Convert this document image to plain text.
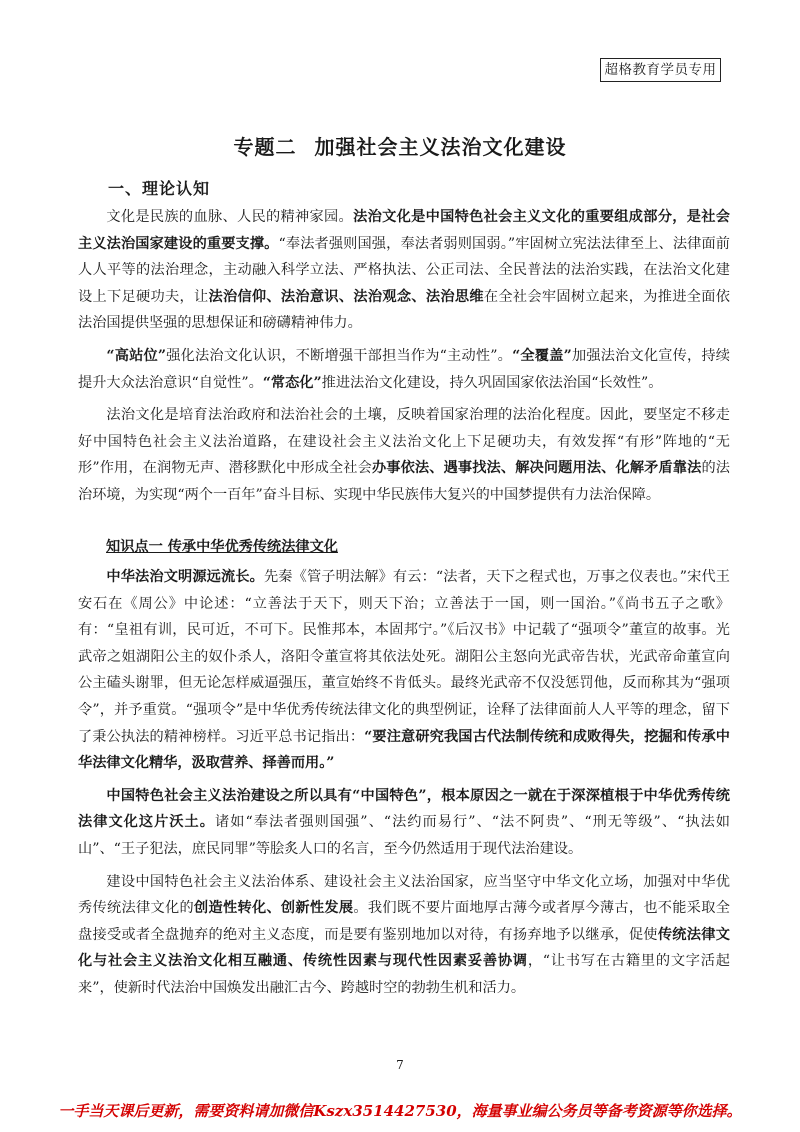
超格教育学员专用
专题二 加强社会主义法治文化建设
一、理论认知

文化是民族的血脉、人民的精神家园。法治文化是中国特色社会主义文化的重要组成部分，是社会主义法治国家建设的重要支撑。“奉法者强则国强，奉法者弱则国弱。”牢固树立宪法法律至上、法律面前人人平等的法治理念，主动融入科学立法、严格执法、公正司法、全民普法的法治实践，在法治文化建设上下足硬功夫，让法治信仰、法治意识、法治观念、法治思维在全社会牢固树立起来，为推进全面依法治国提供坚强的思想保证和磅礴精神伟力。

“高站位”强化法治文化认识，不断增强干部担当作为“主动性”。“全覆盖”加强法治文化宣传，持续提升大众法治意识“自觉性”。“常态化”推进法治文化建设，持久巩固国家依法治国“长效性”。

法治文化是培育法治政府和法治社会的土壤，反映着国家治理的法治化程度。因此，要坚定不移走好中国特色社会主义法治道路，在建设社会主义法治文化上下足硬功夫，有效发挥“有形”阵地的“无形”作用，在润物无声、潜移默化中形成全社会办事依法、遇事找法、解决问题用法、化解矛盾靠法的法治环境，为实现“两个一百年”奋斗目标、实现中华民族伟大复兴的中国梦提供有力法治保障。

知识点一 传承中华优秀传统法律文化

中华法治文明源远流长。先秦《管子明法解》有云：“法者，天下之程式也，万事之仪表也。”宋代王安石在《周公》中论述：“立善法于天下，则天下治；立善法于一国，则一国治。”《尚书五子之歌》有：“皇祖有训，民可近，不可下。民惟邦本，本固邦宁。”《后汉书》中记载了“强项令”董宣的故事。光武帝之姐湖阳公主的奴仆杀人，洛阳令董宣将其依法处死。湖阳公主怒向光武帝告状，光武帝命董宣向公主磕头谢罪，但无论怎样威逼强压，董宣始终不肯低头。最终光武帝不仅没惩罚他，反而称其为“强项令”，并予重赏。“强项令”是中华优秀传统法律文化的典型例证，诠释了法律面前人人平等的理念，留下了秉公执法的精神榜样。习近平总书记指出：“要注意研究我国古代法制传统和成败得失，挖掘和传承中华法律文化精华，汲取营养、择善而用。”

中国特色社会主义法治建设之所以具有“中国特色”，根本原因之一就在于深深植根于中华优秀传统法律文化这片沃土。诸如“奉法者强则国强”、“法约而易行”、“法不阿贵”、“刑无等级”、“执法如山”、“王子犯法，庶民同罪”等脍炙人口的名言，至今仍然适用于现代法治建设。

建设中国特色社会主义法治体系、建设社会主义法治国家，应当坚守中华文化立场，加强对中华优秀传统法律文化的创造性转化、创新性发展。我们既不要片面地厚古薄今或者厚今薄古，也不能采取全盘接受或者全盘抛弃的绝对主义态度，而是要有鉴别地加以对待，有扬弃地予以继承，促使传统法律文化与社会主义法治文化相互融通、传统性因素与现代性因素妥善协调，“让书写在古籍里的文字活起来”，使新时代法治中国焕发出融汇古今、跨越时空的勃勃生机和活力。

7
一手当天课后更新，需要资料请加微信Kszx3514427530，海量事业编公务员等备考资源等你选择。
